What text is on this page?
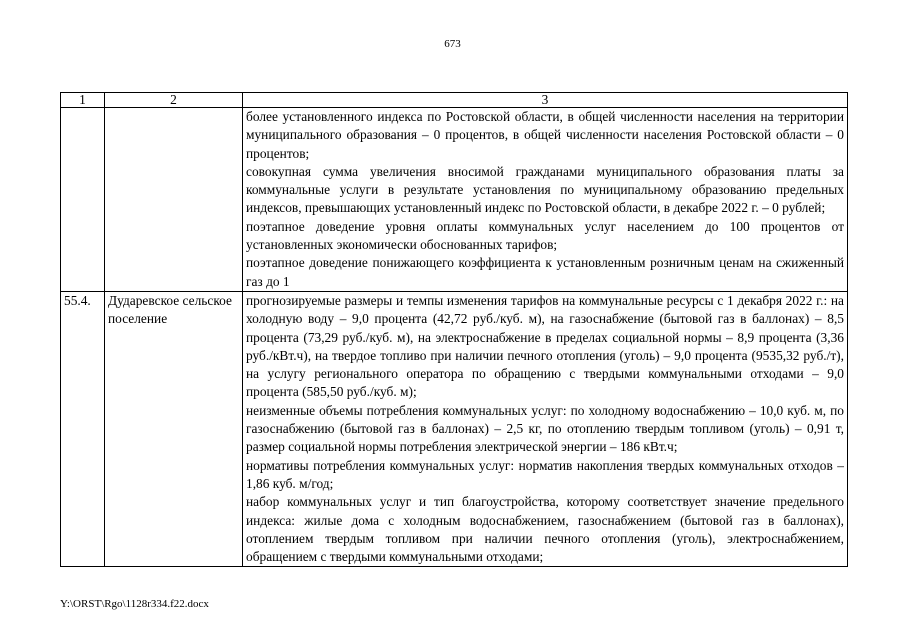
673
1	2	3

		более установленного индекса по Ростовской области, в общей численности населения на территории муниципального образования – 0 процентов, в общей численности населения Ростовской области – 0 процентов;

совокупная сумма увеличения вносимой гражданами муниципального образования платы за коммунальные услуги в результате установления по муниципальному образованию предельных индексов, превышающих установленный индекс по Ростовской области, в декабре 2022 г. – 0 рублей;

поэтапное доведение уровня оплаты коммунальных услуг населением до 100 процентов от установленных экономически обоснованных тарифов;

поэтапное доведение понижающего коэффициента к установленным розничным ценам на сжиженный газ до 1

55.4.	Дударевское сельское поселение	прогнозируемые размеры и темпы изменения тарифов на коммунальные ресурсы с 1 декабря 2022 г.: на холодную воду – 9,0 процента (42,72 руб./куб. м), на газоснабжение (бытовой газ в баллонах) – 8,5 процента (73,29 руб./куб. м), на электроснабжение в пределах социальной нормы – 8,9 процента (3,36 руб./кВт.ч), на твердое топливо при наличии печного отопления (уголь) – 9,0 процента (9535,32 руб./т), на услугу регионального оператора по обращению с твердыми коммунальными отходами – 9,0 процента (585,50 руб./куб. м);

неизменные объемы потребления коммунальных услуг: по холодному водоснабжению – 10,0 куб. м, по газоснабжению (бытовой газ в баллонах) – 2,5 кг, по отоплению твердым топливом (уголь) – 0,91 т, размер социальной нормы потребления электрической энергии – 186 кВт.ч;

нормативы потребления коммунальных услуг: норматив накопления твердых коммунальных отходов – 1,86 куб. м/год;

набор коммунальных услуг и тип благоустройства, которому соответствует значение предельного индекса: жилые дома с холодным водоснабжением, газоснабжением (бытовой газ в баллонах), отоплением твердым топливом при наличии печного отопления (уголь), электроснабжением, обращением с твердыми коммунальными отходами;

Y:\ORST\Rgo\1128r334.f22.docx
